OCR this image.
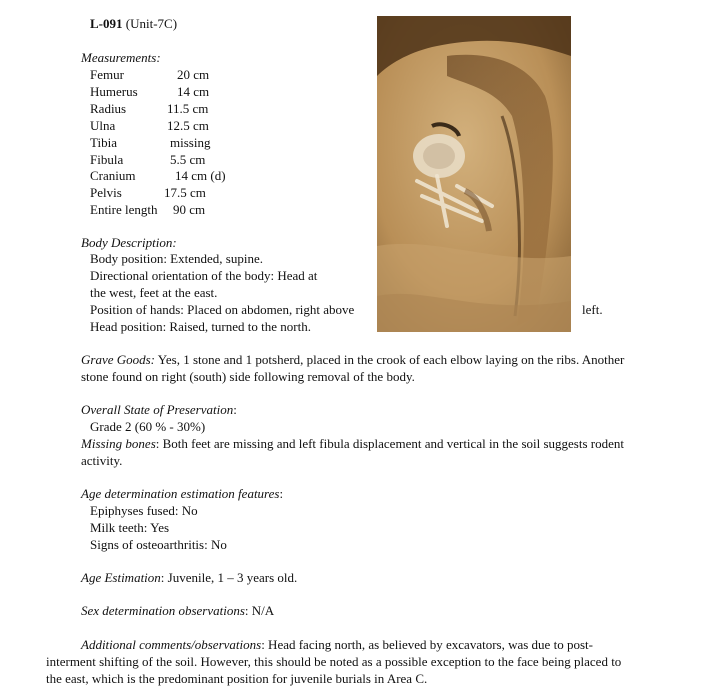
L-091 (Unit-7C)
Measurements:
Femur	20 cm
Humerus	14 cm
Radius	11.5 cm
Ulna	12.5 cm
Tibia	missing
Fibula	5.5 cm
Cranium	14 cm (d)
Pelvis	17.5 cm
Entire length 90 cm
Body Description:
Body position: Extended, supine.
Directional orientation of the body: Head at
the west, feet at the east.
Position of hands: Placed on abdomen, right above	left.
Head position: Raised, turned to the north.
Grave Goods: Yes, 1 stone and 1 potsherd, placed in the crook of each elbow laying on the ribs. Another stone found on right (south) side following removal of the body.
Overall State of Preservation:
Grade 2 (60 % - 30%)
Missing bones: Both feet are missing and left fibula displacement and vertical in the soil suggests rodent activity.
Age determination estimation features:
Epiphyses fused: No
Milk teeth: Yes
Signs of osteoarthritis: No
Age Estimation: Juvenile, 1 – 3 years old.
Sex determination observations: N/A
Additional comments/observations: Head facing north, as believed by excavators, was due to post-interment shifting of the soil. However, this should be noted as a possible exception to the face being placed to the east, which is the predominant position for juvenile burials in Area C.
